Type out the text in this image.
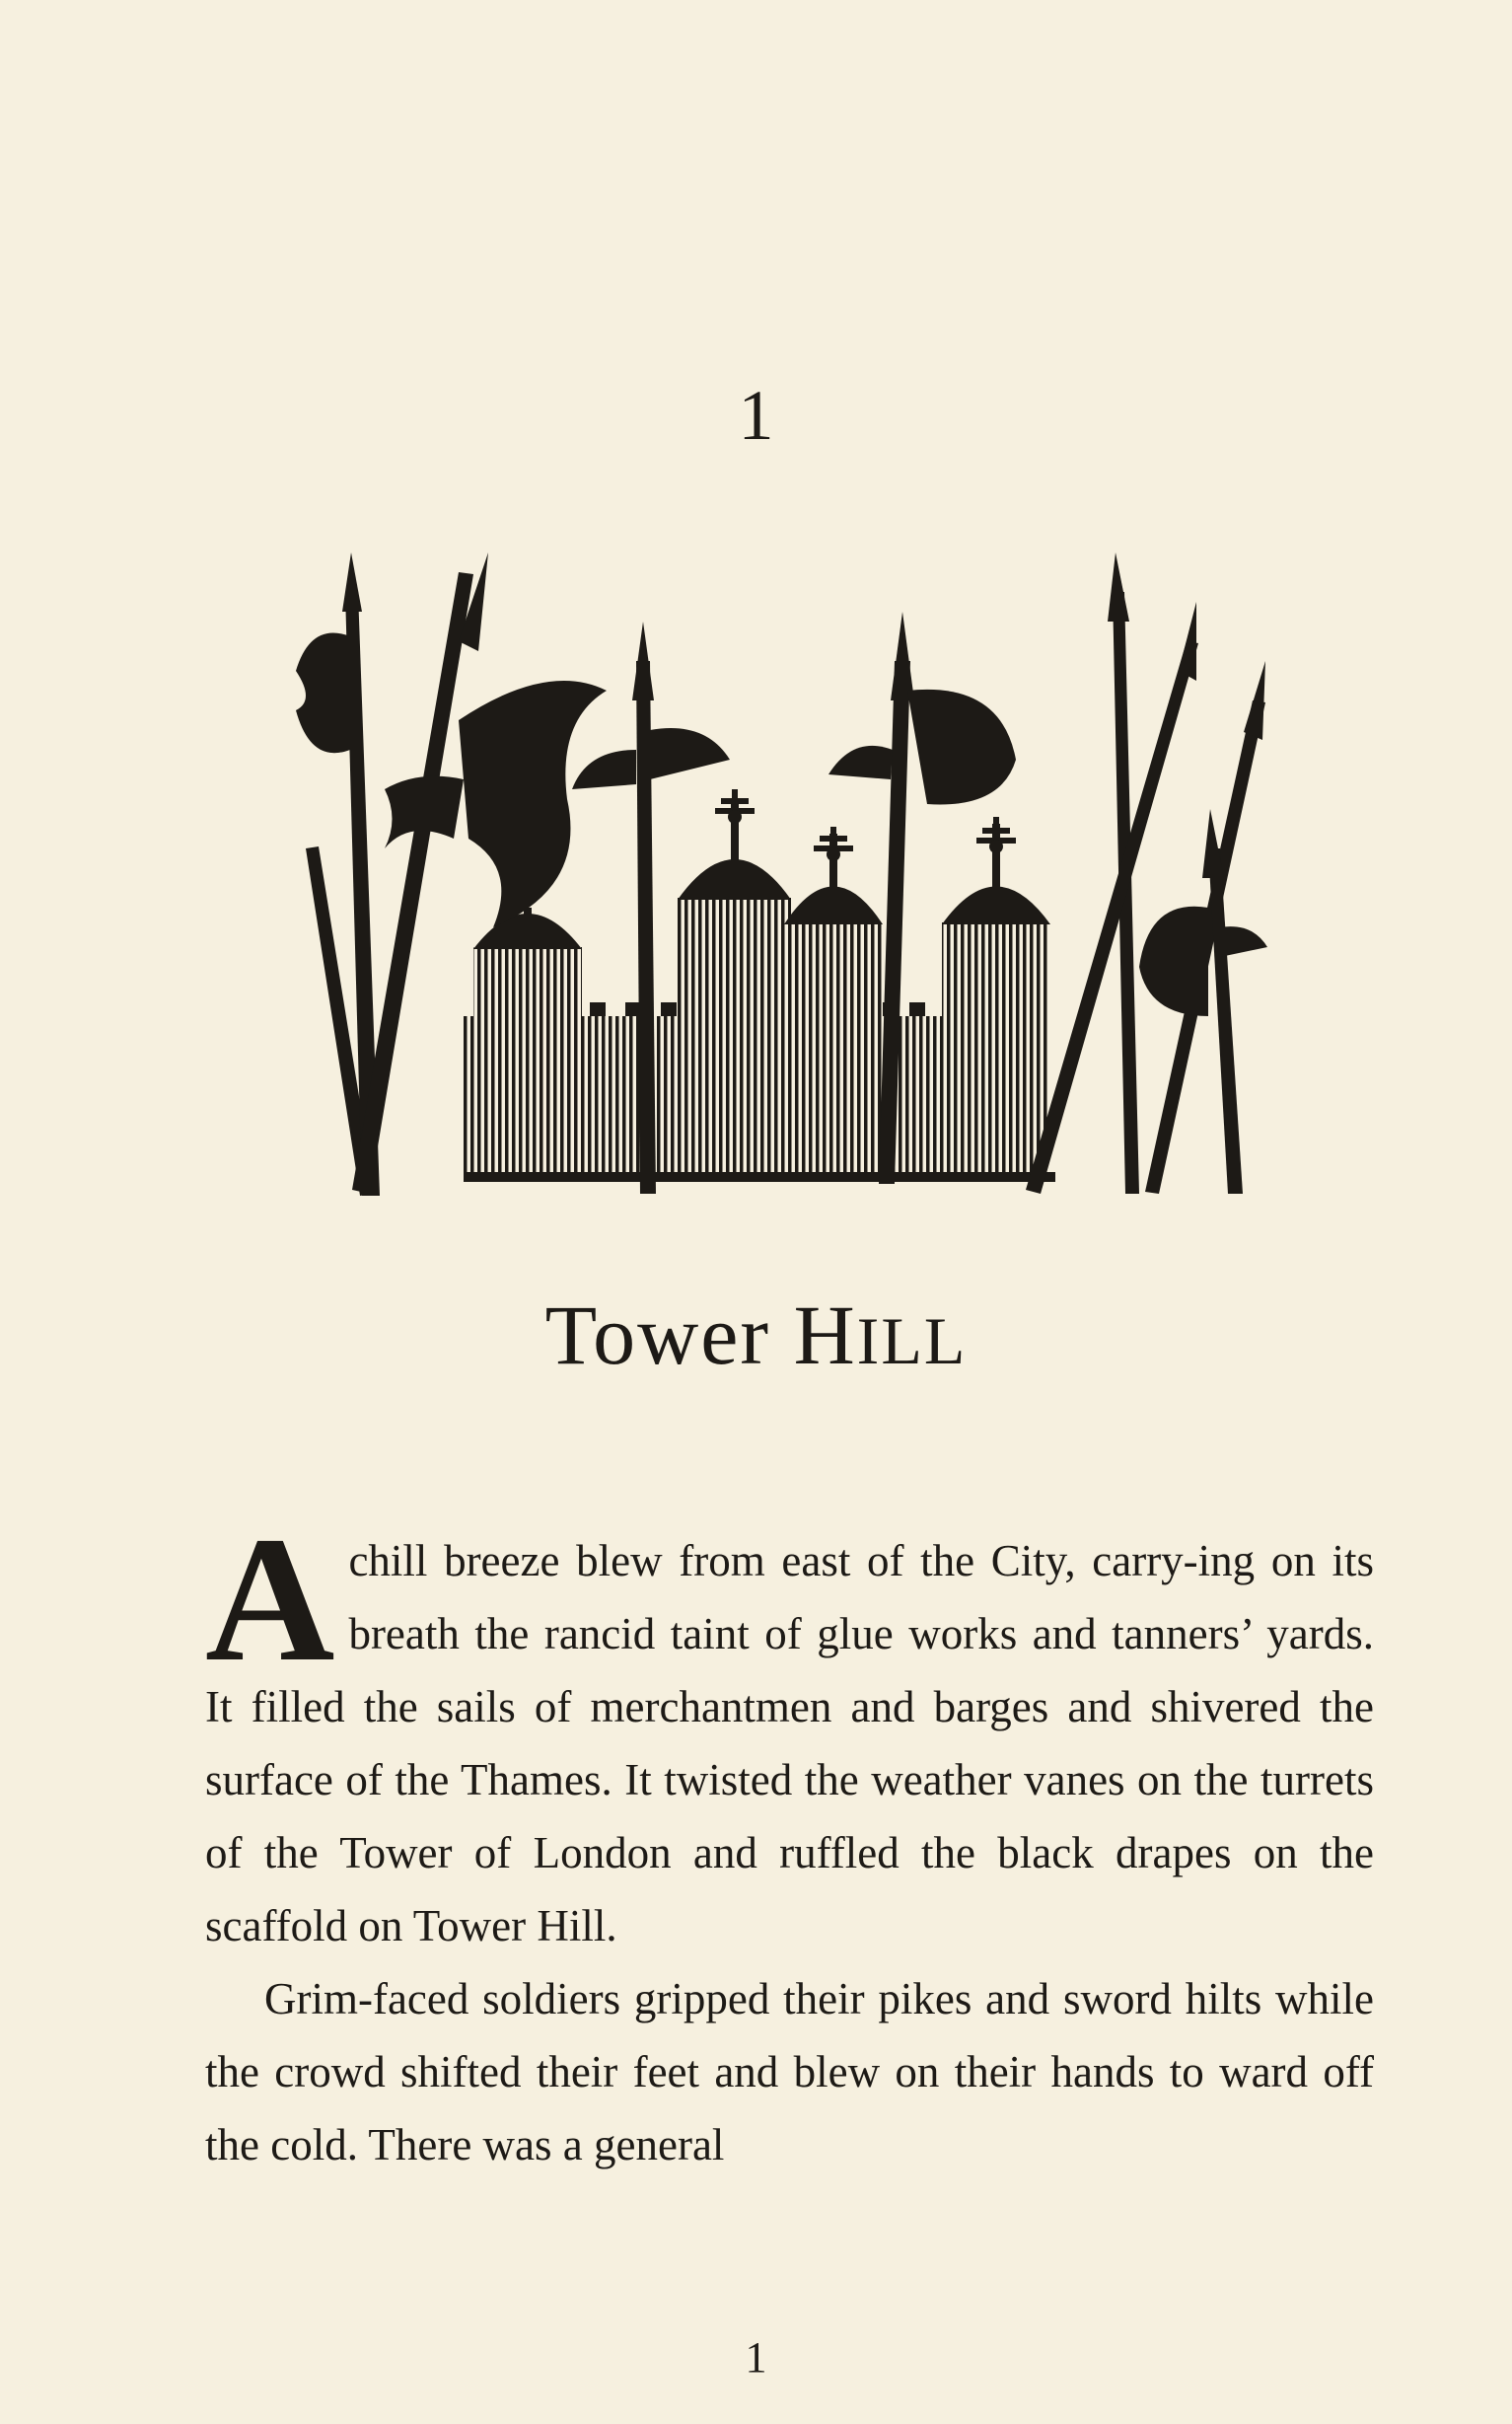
1
Tower HILL

A chill breeze blew from east of the City, carry-ing on its breath the rancid taint of glue works and tanners’ yards. It filled the sails of merchantmen and barges and shivered the surface of the Thames. It twisted the weather vanes on the turrets of the Tower of London and ruffled the black drapes on the scaffold on Tower Hill.

Grim-faced soldiers gripped their pikes and sword hilts while the crowd shifted their feet and blew on their hands to ward off the cold. There was a general

1
